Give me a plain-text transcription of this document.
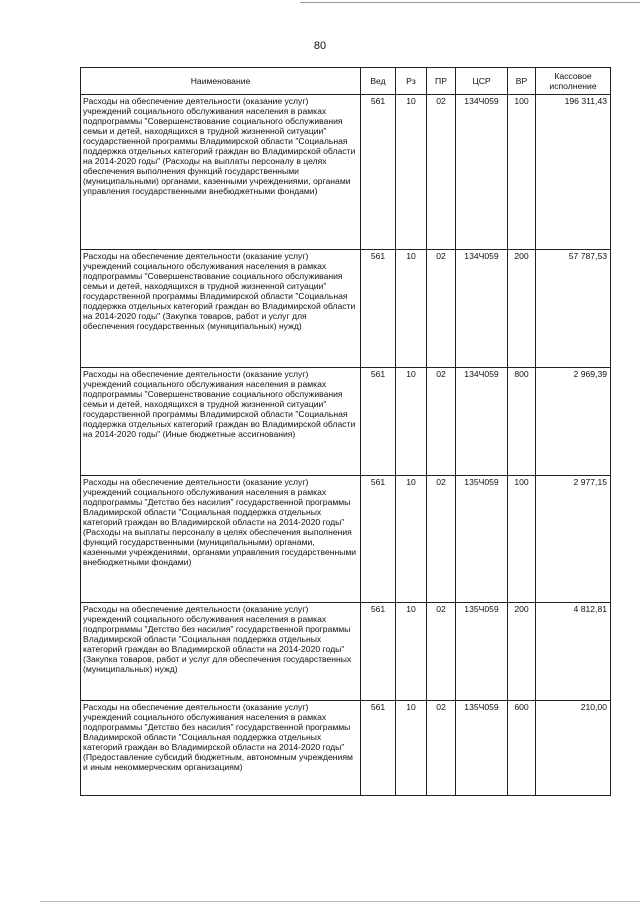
80
Наименование	Вед	Рз	ПР	ЦСР	ВР	Кассовое исполнение
Расходы на обеспечение деятельности (оказание услуг) учреждений социального обслуживания населения в рамках подпрограммы "Совершенствование социального обслуживания семьи и детей, находящихся в трудной жизненной ситуации" государственной программы Владимирской области "Социальная поддержка отдельных категорий граждан во Владимирской области на 2014-2020 годы" (Расходы на выплаты персоналу в целях обеспечения выполнения функций государственными (муниципальными) органами, казенными учреждениями, органами управления государственными внебюджетными фондами)	561	10	02	134Ч059	100	196 311,43
Расходы на обеспечение деятельности (оказание услуг) учреждений социального обслуживания населения в рамках подпрограммы "Совершенствование социального обслуживания семьи и детей, находящихся в трудной жизненной ситуации" государственной программы Владимирской области "Социальная поддержка отдельных категорий граждан во Владимирской области на 2014-2020 годы" (Закупка товаров, работ и услуг для обеспечения государственных (муниципальных) нужд)	561	10	02	134Ч059	200	57 787,53
Расходы на обеспечение деятельности (оказание услуг) учреждений социального обслуживания населения в рамках подпрограммы "Совершенствование социального обслуживания семьи и детей, находящихся в трудной жизненной ситуации" государственной программы Владимирской области "Социальная поддержка отдельных категорий граждан во Владимирской области на 2014-2020 годы" (Иные бюджетные ассигнования)	561	10	02	134Ч059	800	2 969,39
Расходы на обеспечение деятельности (оказание услуг) учреждений социального обслуживания населения в рамках подпрограммы "Детство без насилия" государственной программы Владимирской области "Социальная поддержка отдельных категорий граждан во Владимирской области на 2014-2020 годы" (Расходы на выплаты персоналу в целях обеспечения выполнения функций государственными (муниципальными) органами, казенными учреждениями, органами управления государственными внебюджетными фондами)	561	10	02	135Ч059	100	2 977,15
Расходы на обеспечение деятельности (оказание услуг) учреждений социального обслуживания населения в рамках подпрограммы "Детство без насилия" государственной программы Владимирской области "Социальная поддержка отдельных категорий граждан во Владимирской области на 2014-2020 годы" (Закупка товаров, работ и услуг для обеспечения государственных (муниципальных) нужд)	561	10	02	135Ч059	200	4 812,81
Расходы на обеспечение деятельности (оказание услуг) учреждений социального обслуживания населения в рамках подпрограммы "Детство без насилия" государственной программы Владимирской области "Социальная поддержка отдельных категорий граждан во Владимирской области на 2014-2020 годы" (Предоставление субсидий бюджетным, автономным учреждениям и иным некоммерческим организациям)	561	10	02	135Ч059	600	210,00
